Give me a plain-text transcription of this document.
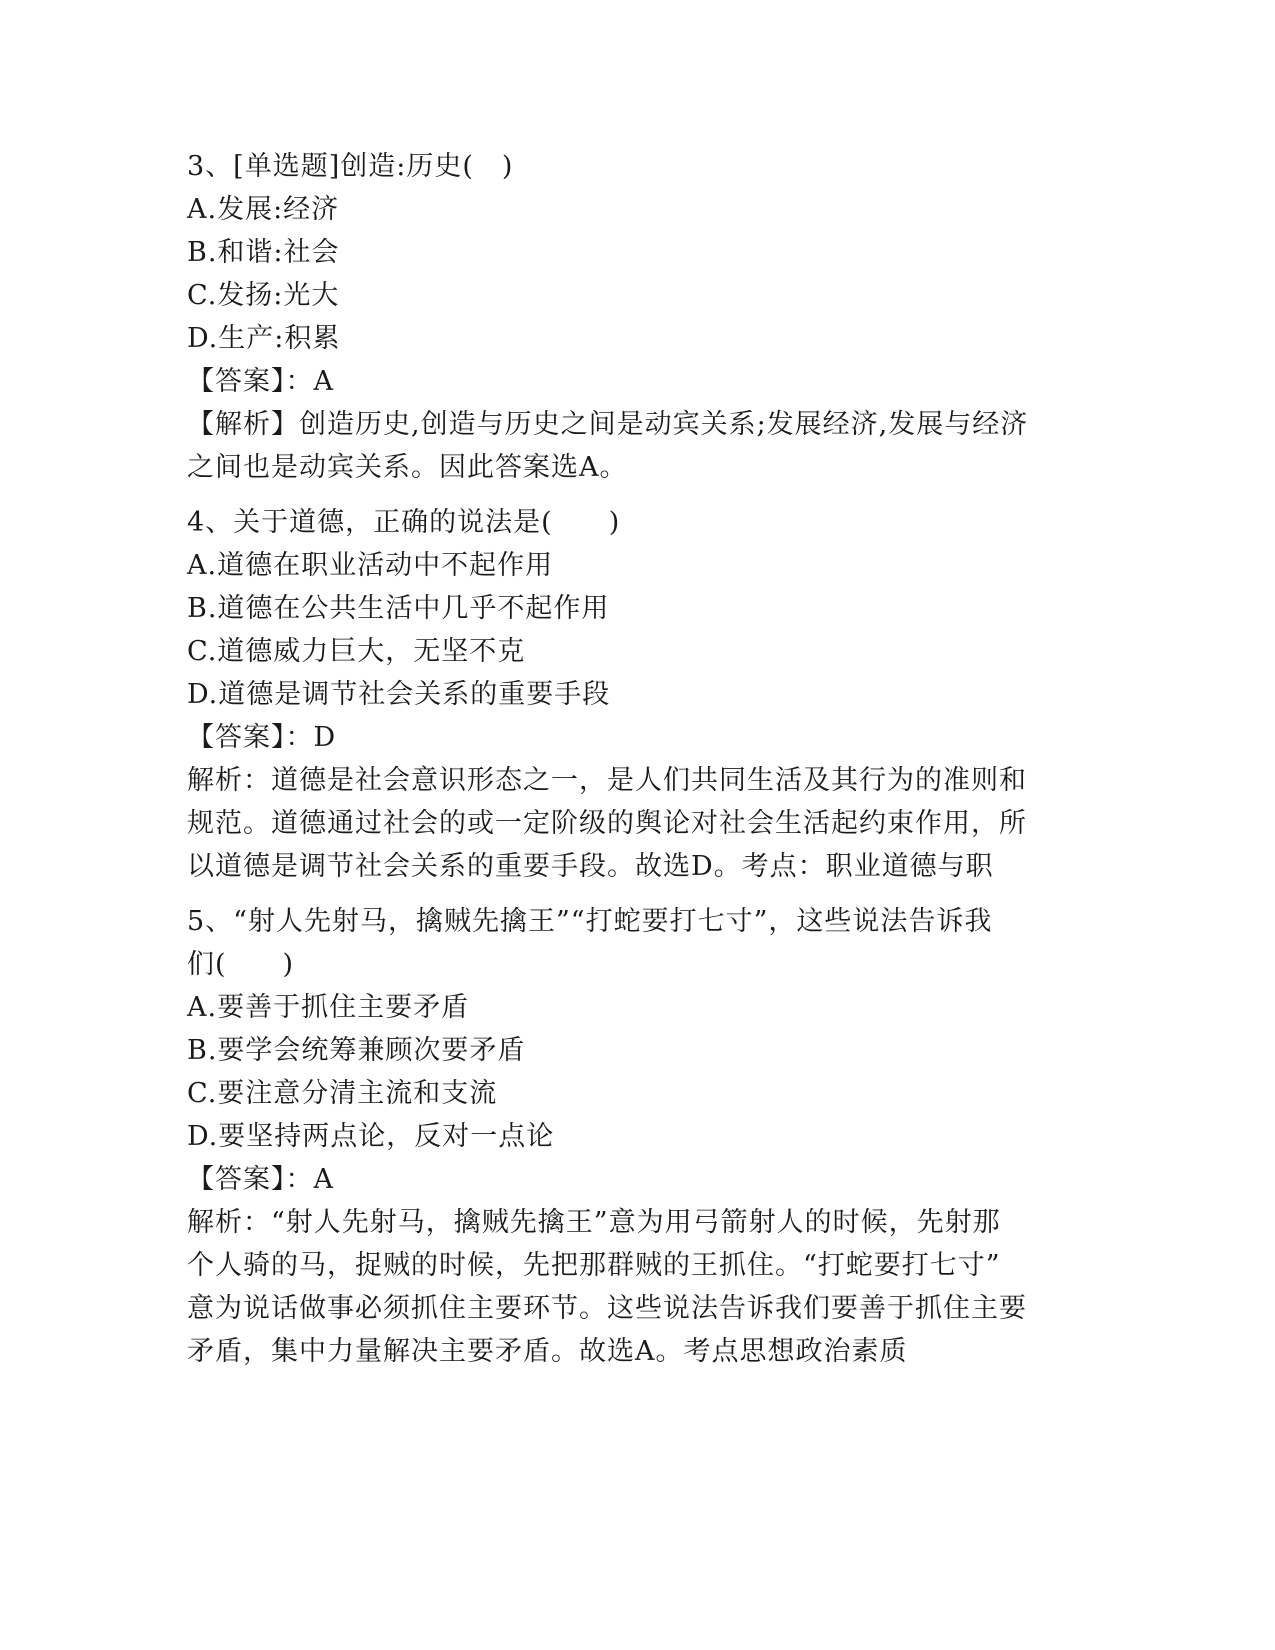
3、[单选题]创造:历史(　)
A.发展:经济
B.和谐:社会
C.发扬:光大
D.生产:积累
【答案】：A
【解析】创造历史,创造与历史之间是动宾关系;发展经济,发展与经济
之间也是动宾关系。因此答案选A。
4、关于道德，正确的说法是(　　)
A.道德在职业活动中不起作用
B.道德在公共生活中几乎不起作用
C.道德威力巨大，无坚不克
D.道德是调节社会关系的重要手段
【答案】：D
解析：道德是社会意识形态之一，是人们共同生活及其行为的准则和
规范。道德通过社会的或一定阶级的舆论对社会生活起约束作用，所
以道德是调节社会关系的重要手段。故选D。考点：职业道德与职
5、“射人先射马，擒贼先擒王”“打蛇要打七寸”，这些说法告诉我
们(　　)
A.要善于抓住主要矛盾
B.要学会统筹兼顾次要矛盾
C.要注意分清主流和支流
D.要坚持两点论，反对一点论
【答案】：A
解析：“射人先射马，擒贼先擒王”意为用弓箭射人的时候，先射那
个人骑的马，捉贼的时候，先把那群贼的王抓住。“打蛇要打七寸”
意为说话做事必须抓住主要环节。这些说法告诉我们要善于抓住主要
矛盾，集中力量解决主要矛盾。故选A。考点思想政治素质
